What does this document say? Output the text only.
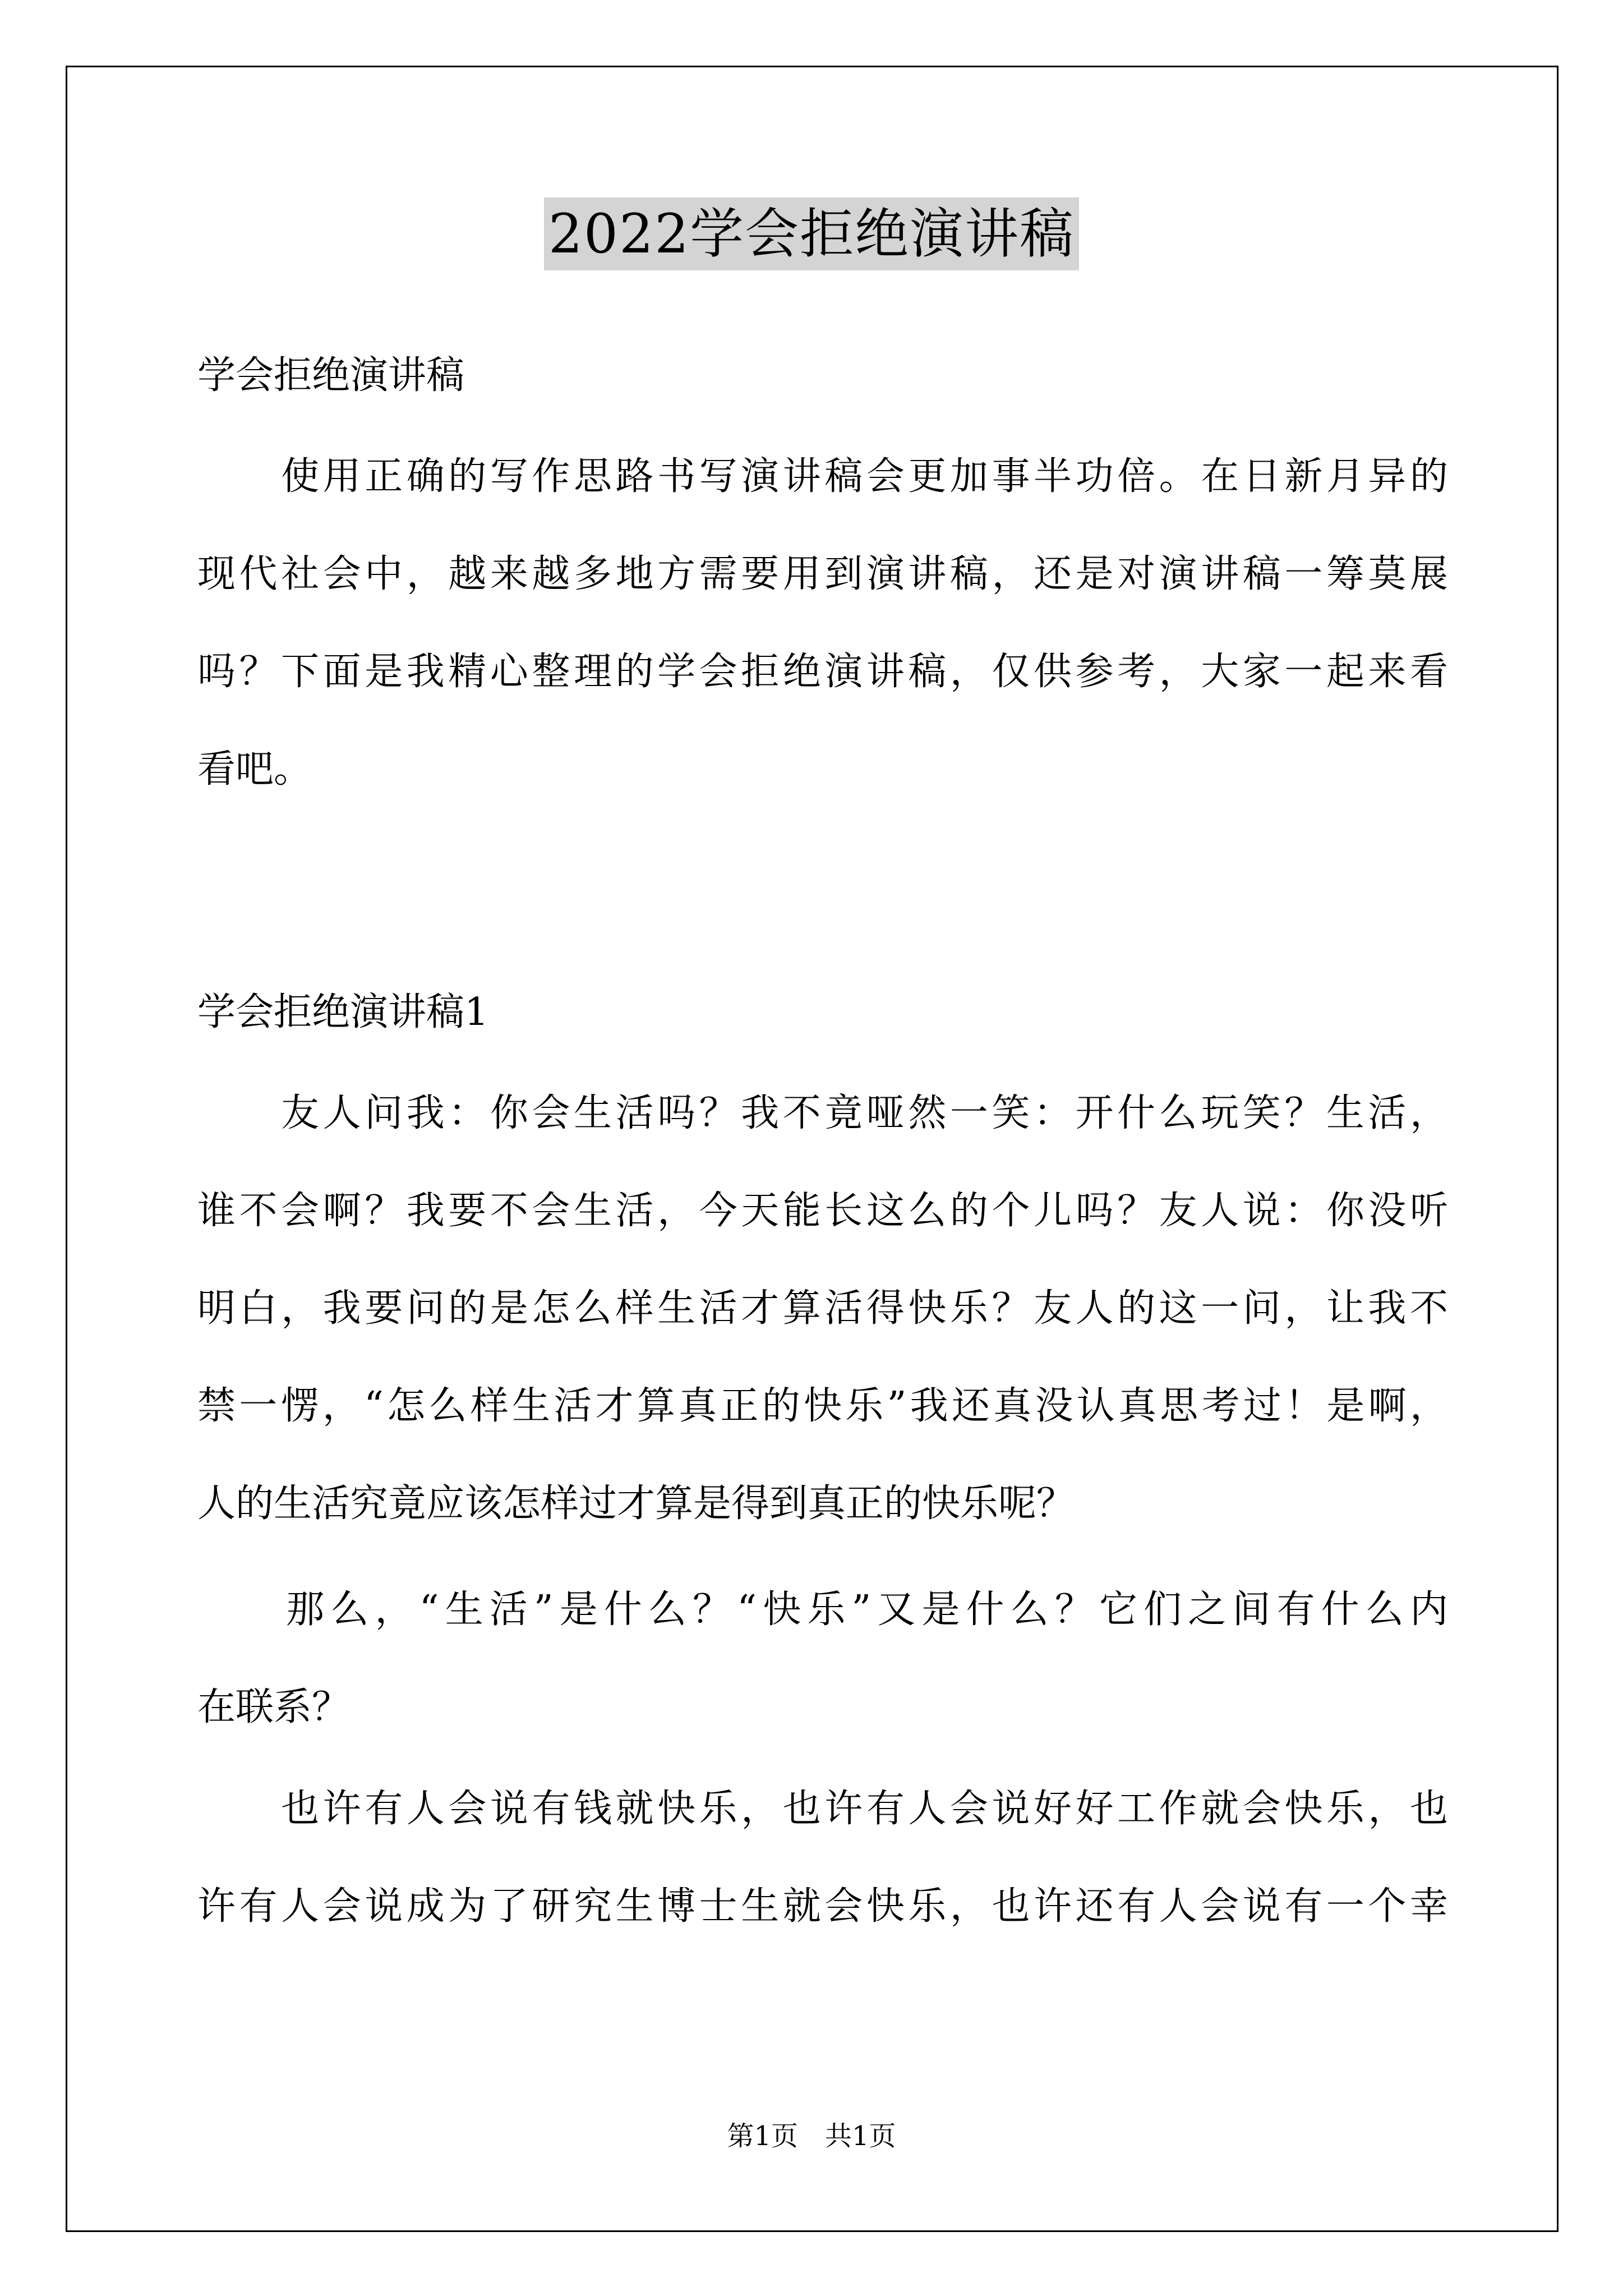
2022学会拒绝演讲稿
学会拒绝演讲稿
　　使用正确的写作思路书写演讲稿会更加事半功倍。在日新月异的
现代社会中，越来越多地方需要用到演讲稿，还是对演讲稿一筹莫展
吗？下面是我精心整理的学会拒绝演讲稿，仅供参考，大家一起来看
看吧。
学会拒绝演讲稿1
　　友人问我：你会生活吗？我不竟哑然一笑：开什么玩笑？生活，
谁不会啊？我要不会生活，今天能长这么的个儿吗？友人说：你没听
明白，我要问的是怎么样生活才算活得快乐？友人的这一问，让我不
禁一愣，“怎么样生活才算真正的快乐”我还真没认真思考过！是啊，
人的生活究竟应该怎样过才算是得到真正的快乐呢？
　　那么，“生活”是什么？“快乐”又是什么？它们之间有什么内
在联系？
　　也许有人会说有钱就快乐，也许有人会说好好工作就会快乐，也
许有人会说成为了研究生博士生就会快乐，也许还有人会说有一个幸
第1页　共1页
